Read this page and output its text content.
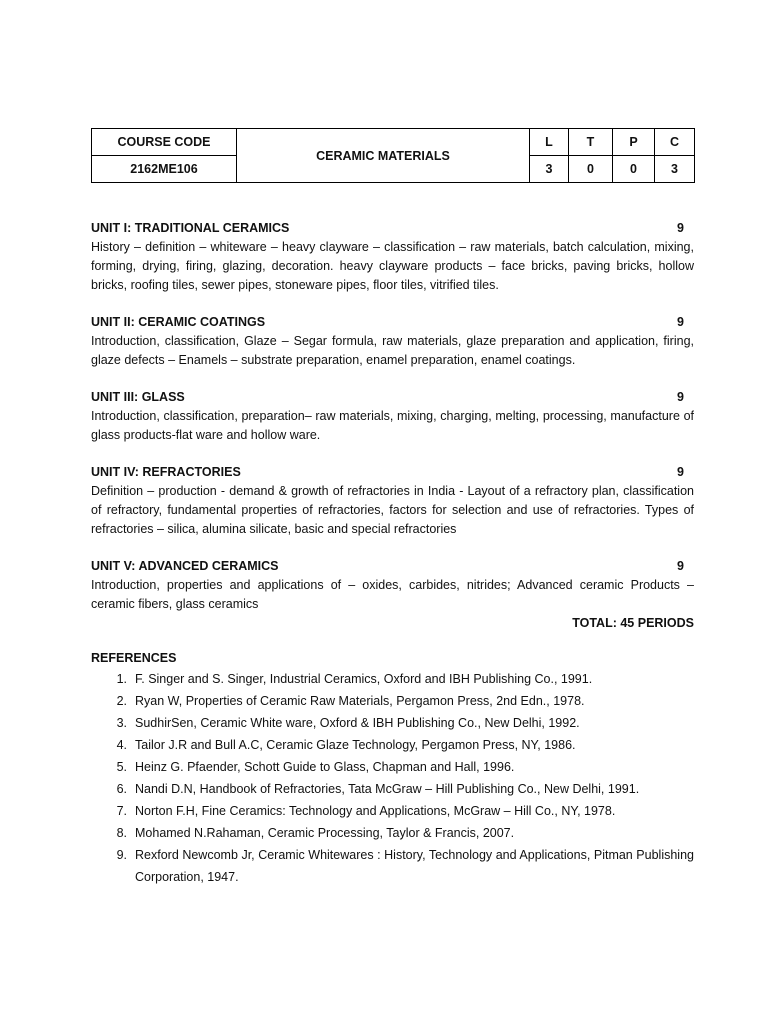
COURSE CODE	CERAMIC MATERIALS	L	T	P	C
2162ME106		3	0	0	3
UNIT I: TRADITIONAL CERAMICS	9
History – definition – whiteware – heavy clayware – classification – raw materials, batch calculation, mixing, forming, drying, firing, glazing, decoration. heavy clayware products – face bricks, paving bricks, hollow bricks, roofing tiles, sewer pipes, stoneware pipes, floor tiles, vitrified tiles.
UNIT II: CERAMIC COATINGS	9
Introduction, classification, Glaze – Segar formula, raw materials, glaze preparation and application, firing, glaze defects – Enamels – substrate preparation, enamel preparation, enamel coatings.
UNIT III: GLASS	9
Introduction, classification, preparation– raw materials, mixing, charging, melting, processing, manufacture of glass products-flat ware and hollow ware.
UNIT IV: REFRACTORIES	9
Definition – production - demand & growth of refractories in India - Layout of a refractory plan, classification of refractory, fundamental properties of refractories, factors for selection and use of refractories. Types of refractories – silica, alumina silicate, basic and special refractories
UNIT V: ADVANCED CERAMICS	9
Introduction, properties and applications of – oxides, carbides, nitrides; Advanced ceramic Products – ceramic fibers, glass ceramics
TOTAL: 45 PERIODS
REFERENCES
1. F. Singer and S. Singer, Industrial Ceramics, Oxford and IBH Publishing Co., 1991.
2. Ryan W, Properties of Ceramic Raw Materials, Pergamon Press, 2nd Edn., 1978.
3. SudhirSen, Ceramic White ware, Oxford & IBH Publishing Co., New Delhi, 1992.
4. Tailor J.R and Bull A.C, Ceramic Glaze Technology, Pergamon Press, NY, 1986.
5. Heinz G. Pfaender, Schott Guide to Glass, Chapman and Hall, 1996.
6. Nandi D.N, Handbook of Refractories, Tata McGraw – Hill Publishing Co., New Delhi, 1991.
7. Norton F.H, Fine Ceramics: Technology and Applications, McGraw – Hill Co., NY, 1978.
8. Mohamed N.Rahaman, Ceramic Processing, Taylor & Francis, 2007.
9. Rexford Newcomb Jr, Ceramic Whitewares : History, Technology and Applications, Pitman Publishing Corporation, 1947.
